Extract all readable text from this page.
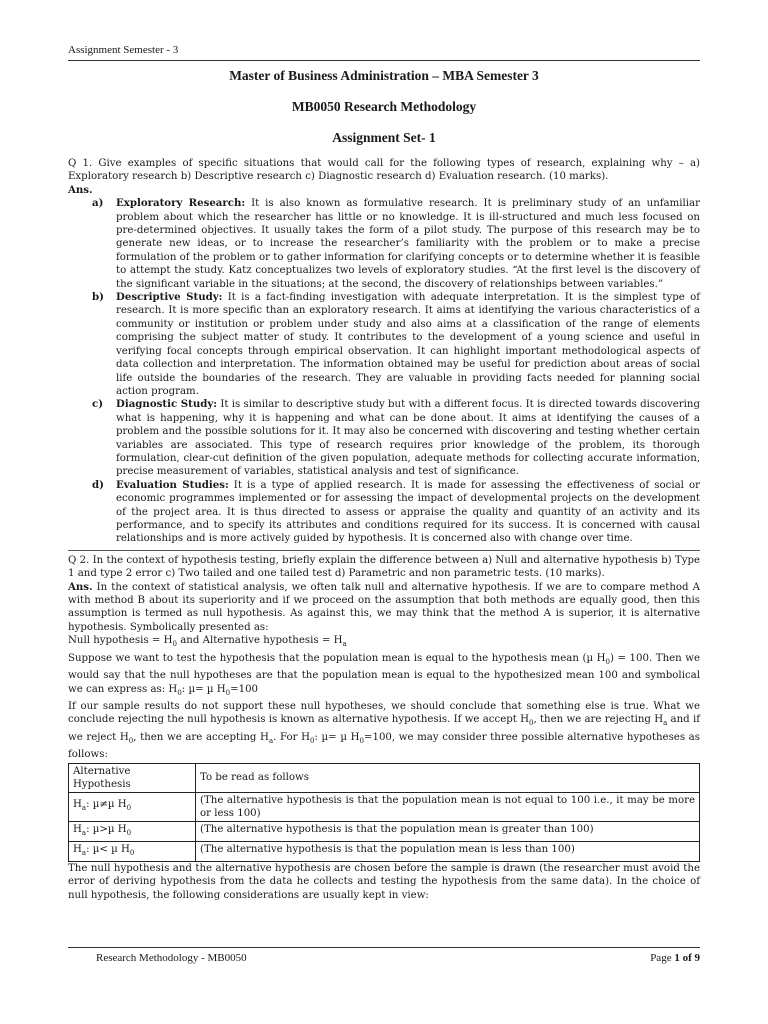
Assignment Semester - 3
Master of Business Administration – MBA Semester 3
MB0050 Research Methodology
Assignment Set- 1

Q 1. Give examples of specific situations that would call for the following types of research, explaining why – a) Exploratory research b) Descriptive research c) Diagnostic research d) Evaluation research. (10 marks).

Ans.

a)	Exploratory Research: It is also known as formulative research. It is preliminary study of an unfamiliar problem about which the researcher has little or no knowledge. It is ill-structured and much less focused on pre-determined objectives. It usually takes the form of a pilot study. The purpose of this research may be to generate new ideas, or to increase the researcher’s familiarity with the problem or to make a precise formulation of the problem or to gather information for clarifying concepts or to determine whether it is feasible to attempt the study. Katz conceptualizes two levels of exploratory studies. “At the first level is the discovery of the significant variable in the situations; at the second, the discovery of relationships between variables.”
b)	Descriptive Study: It is a fact-finding investigation with adequate interpretation. It is the simplest type of research. It is more specific than an exploratory research. It aims at identifying the various characteristics of a community or institution or problem under study and also aims at a classification of the range of elements comprising the subject matter of study. It contributes to the development of a young science and useful in verifying focal concepts through empirical observation. It can highlight important methodological aspects of data collection and interpretation. The information obtained may be useful for prediction about areas of social life outside the boundaries of the research. They are valuable in providing facts needed for planning social action program.
c)	Diagnostic Study: It is similar to descriptive study but with a different focus. It is directed towards discovering what is happening, why it is happening and what can be done about. It aims at identifying the causes of a problem and the possible solutions for it. It may also be concerned with discovering and testing whether certain variables are associated. This type of research requires prior knowledge of the problem, its thorough formulation, clear-cut definition of the given population, adequate methods for collecting accurate information, precise measurement of variables, statistical analysis and test of significance.
d)	Evaluation Studies: It is a type of applied research. It is made for assessing the effectiveness of social or economic programmes implemented or for assessing the impact of developmental projects on the development of the project area. It is thus directed to assess or appraise the quality and quantity of an activity and its performance, and to specify its attributes and conditions required for its success. It is concerned with causal relationships and is more actively guided by hypothesis. It is concerned also with change over time.

Q 2. In the context of hypothesis testing, briefly explain the difference between a) Null and alternative hypothesis b) Type 1 and type 2 error c) Two tailed and one tailed test d) Parametric and non parametric tests. (10 marks).

Ans. In the context of statistical analysis, we often talk null and alternative hypothesis. If we are to compare method A with method B about its superiority and if we proceed on the assumption that both methods are equally good, then this assumption is termed as null hypothesis. As against this, we may think that the method A is superior, it is alternative hypothesis. Symbolically presented as:

Null hypothesis = $H_0$ and Alternative hypothesis = $H_a$

Suppose we want to test the hypothesis that the population mean is equal to the hypothesis mean (µ $H_0) = 100$. Then we would say that the null hypotheses are that the population mean is equal to the hypothesized mean 100 and symbolical we can express as: $H_0$: µ= µ $H_0=100$

If our sample results do not support these null hypotheses, we should conclude that something else is true. What we conclude rejecting the null hypothesis is known as alternative hypothesis. If we accept $H_0$, then we are rejecting $H_a$ and if we reject $H_0$, then we are accepting $H_a$. For $H_0$: µ= µ $H_0=100$, we may consider three possible alternative hypotheses as follows:

Alternative Hypothesis	To be read as follows
$H_a$: µ≠µ $H_0$	(The alternative hypothesis is that the population mean is not equal to 100 i.e., it may be more or less 100)
$H_a$: µ>µ $H_0$	(The alternative hypothesis is that the population mean is greater than 100)
$H_a$: µ< µ $H_0$	(The alternative hypothesis is that the population mean is less than 100)

The null hypothesis and the alternative hypothesis are chosen before the sample is drawn (the researcher must avoid the error of deriving hypothesis from the data he collects and testing the hypothesis from the same data). In the choice of null hypothesis, the following considerations are usually kept in view:

Research Methodology - MB0050	Page 1 of 9
